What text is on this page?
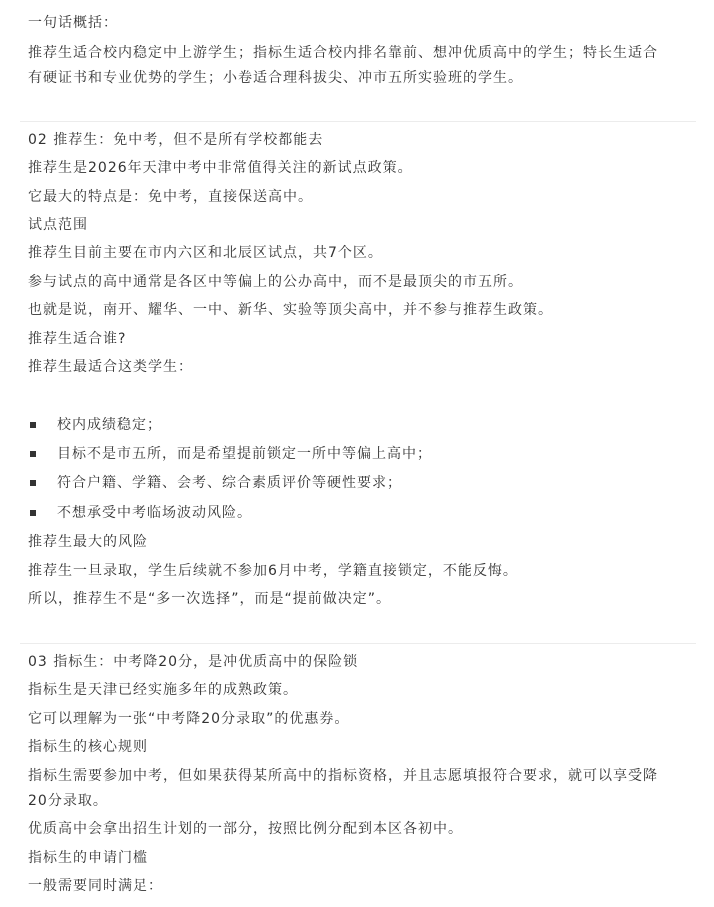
一句话概括：
推荐生适合校内稳定中上游学生；指标生适合校内排名靠前、想冲优质高中的学生；特长生适合
有硬证书和专业优势的学生；小卷适合理科拔尖、冲市五所实验班的学生。
02 推荐生：免中考，但不是所有学校都能去
推荐生是2026年天津中考中非常值得关注的新试点政策。
它最大的特点是：免中考，直接保送高中。
试点范围
推荐生目前主要在市内六区和北辰区试点，共7个区。
参与试点的高中通常是各区中等偏上的公办高中，而不是最顶尖的市五所。
也就是说，南开、耀华、一中、新华、实验等顶尖高中，并不参与推荐生政策。
推荐生适合谁?
推荐生最适合这类学生：
校内成绩稳定；
目标不是市五所，而是希望提前锁定一所中等偏上高中；
符合户籍、学籍、会考、综合素质评价等硬性要求；
不想承受中考临场波动风险。
推荐生最大的风险
推荐生一旦录取，学生后续就不参加6月中考，学籍直接锁定，不能反悔。
所以，推荐生不是“多一次选择”，而是“提前做决定”。
03 指标生：中考降20分，是冲优质高中的保险锁
指标生是天津已经实施多年的成熟政策。
它可以理解为一张“中考降20分录取”的优惠券。
指标生的核心规则
指标生需要参加中考，但如果获得某所高中的指标资格，并且志愿填报符合要求，就可以享受降
20分录取。
优质高中会拿出招生计划的一部分，按照比例分配到本区各初中。
指标生的申请门槛
一般需要同时满足：
